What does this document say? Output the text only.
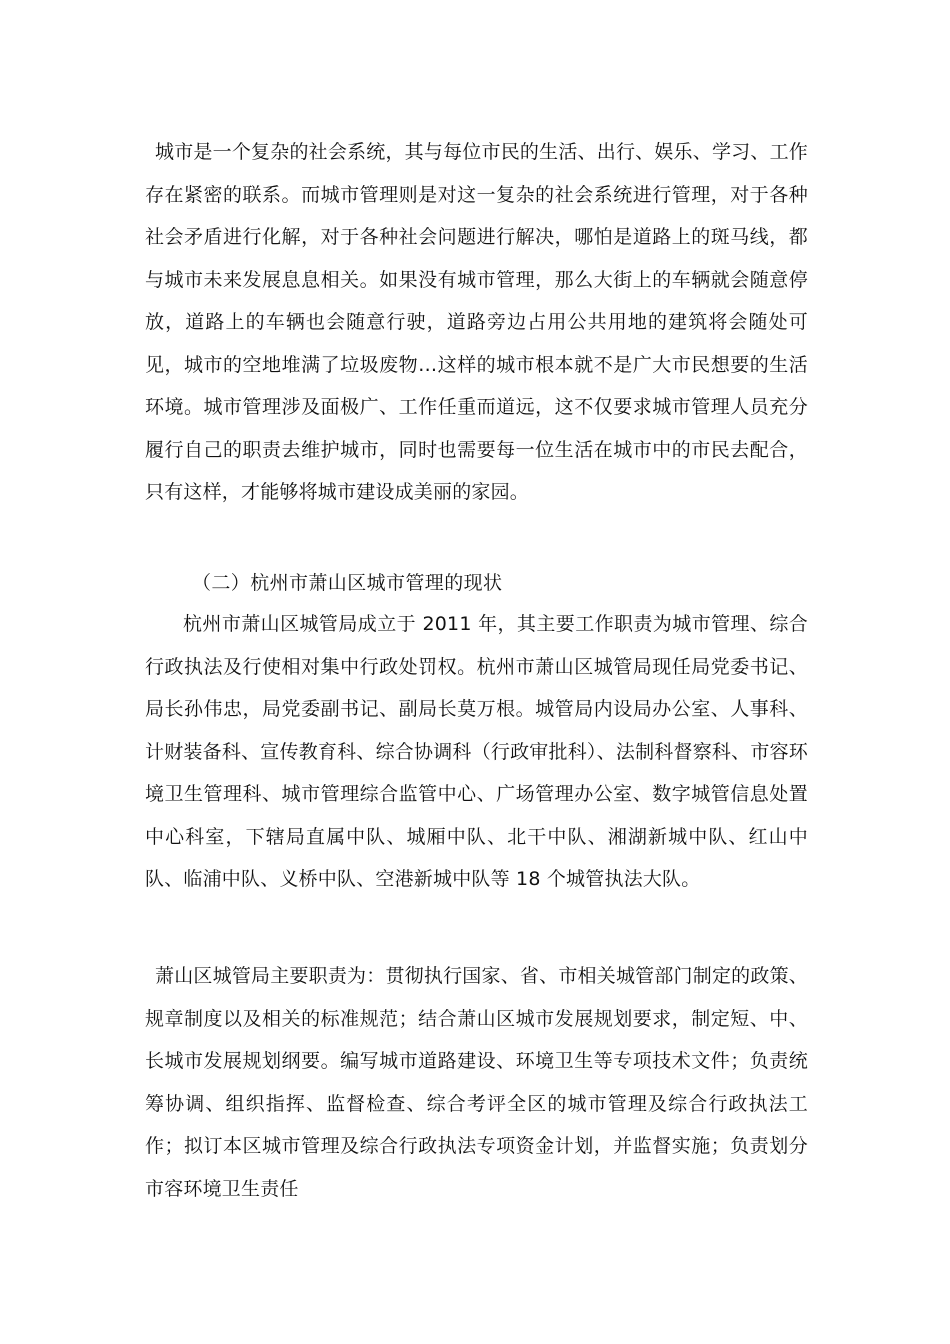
城市是一个复杂的社会系统，其与每位市民的生活、出行、娱乐、学习、工作存在紧密的联系。而城市管理则是对这一复杂的社会系统进行管理，对于各种社会矛盾进行化解，对于各种社会问题进行解决，哪怕是道路上的斑马线，都与城市未来发展息息相关。如果没有城市管理，那么大街上的车辆就会随意停放，道路上的车辆也会随意行驶，道路旁边占用公共用地的建筑将会随处可见，城市的空地堆满了垃圾废物…这样的城市根本就不是广大市民想要的生活环境。城市管理涉及面极广、工作任重而道远，这不仅要求城市管理人员充分履行自己的职责去维护城市，同时也需要每一位生活在城市中的市民去配合，只有这样，才能够将城市建设成美丽的家园。

（二）杭州市萧山区城市管理的现状

杭州市萧山区城管局成立于 2011 年，其主要工作职责为城市管理、综合行政执法及行使相对集中行政处罚权。杭州市萧山区城管局现任局党委书记、局长孙伟忠，局党委副书记、副局长莫万根。城管局内设局办公室、人事科、计财装备科、宣传教育科、综合协调科（行政审批科）、法制科督察科、市容环境卫生管理科、城市管理综合监管中心、广场管理办公室、数字城管信息处置中心科室，下辖局直属中队、城厢中队、北干中队、湘湖新城中队、红山中队、临浦中队、义桥中队、空港新城中队等 18 个城管执法大队。

萧山区城管局主要职责为：贯彻执行国家、省、市相关城管部门制定的政策、规章制度以及相关的标准规范；结合萧山区城市发展规划要求，制定短、中、长城市发展规划纲要。编写城市道路建设、环境卫生等专项技术文件；负责统筹协调、组织指挥、监督检查、综合考评全区的城市管理及综合行政执法工作；拟订本区城市管理及综合行政执法专项资金计划，并监督实施；负责划分市容环境卫生责任
